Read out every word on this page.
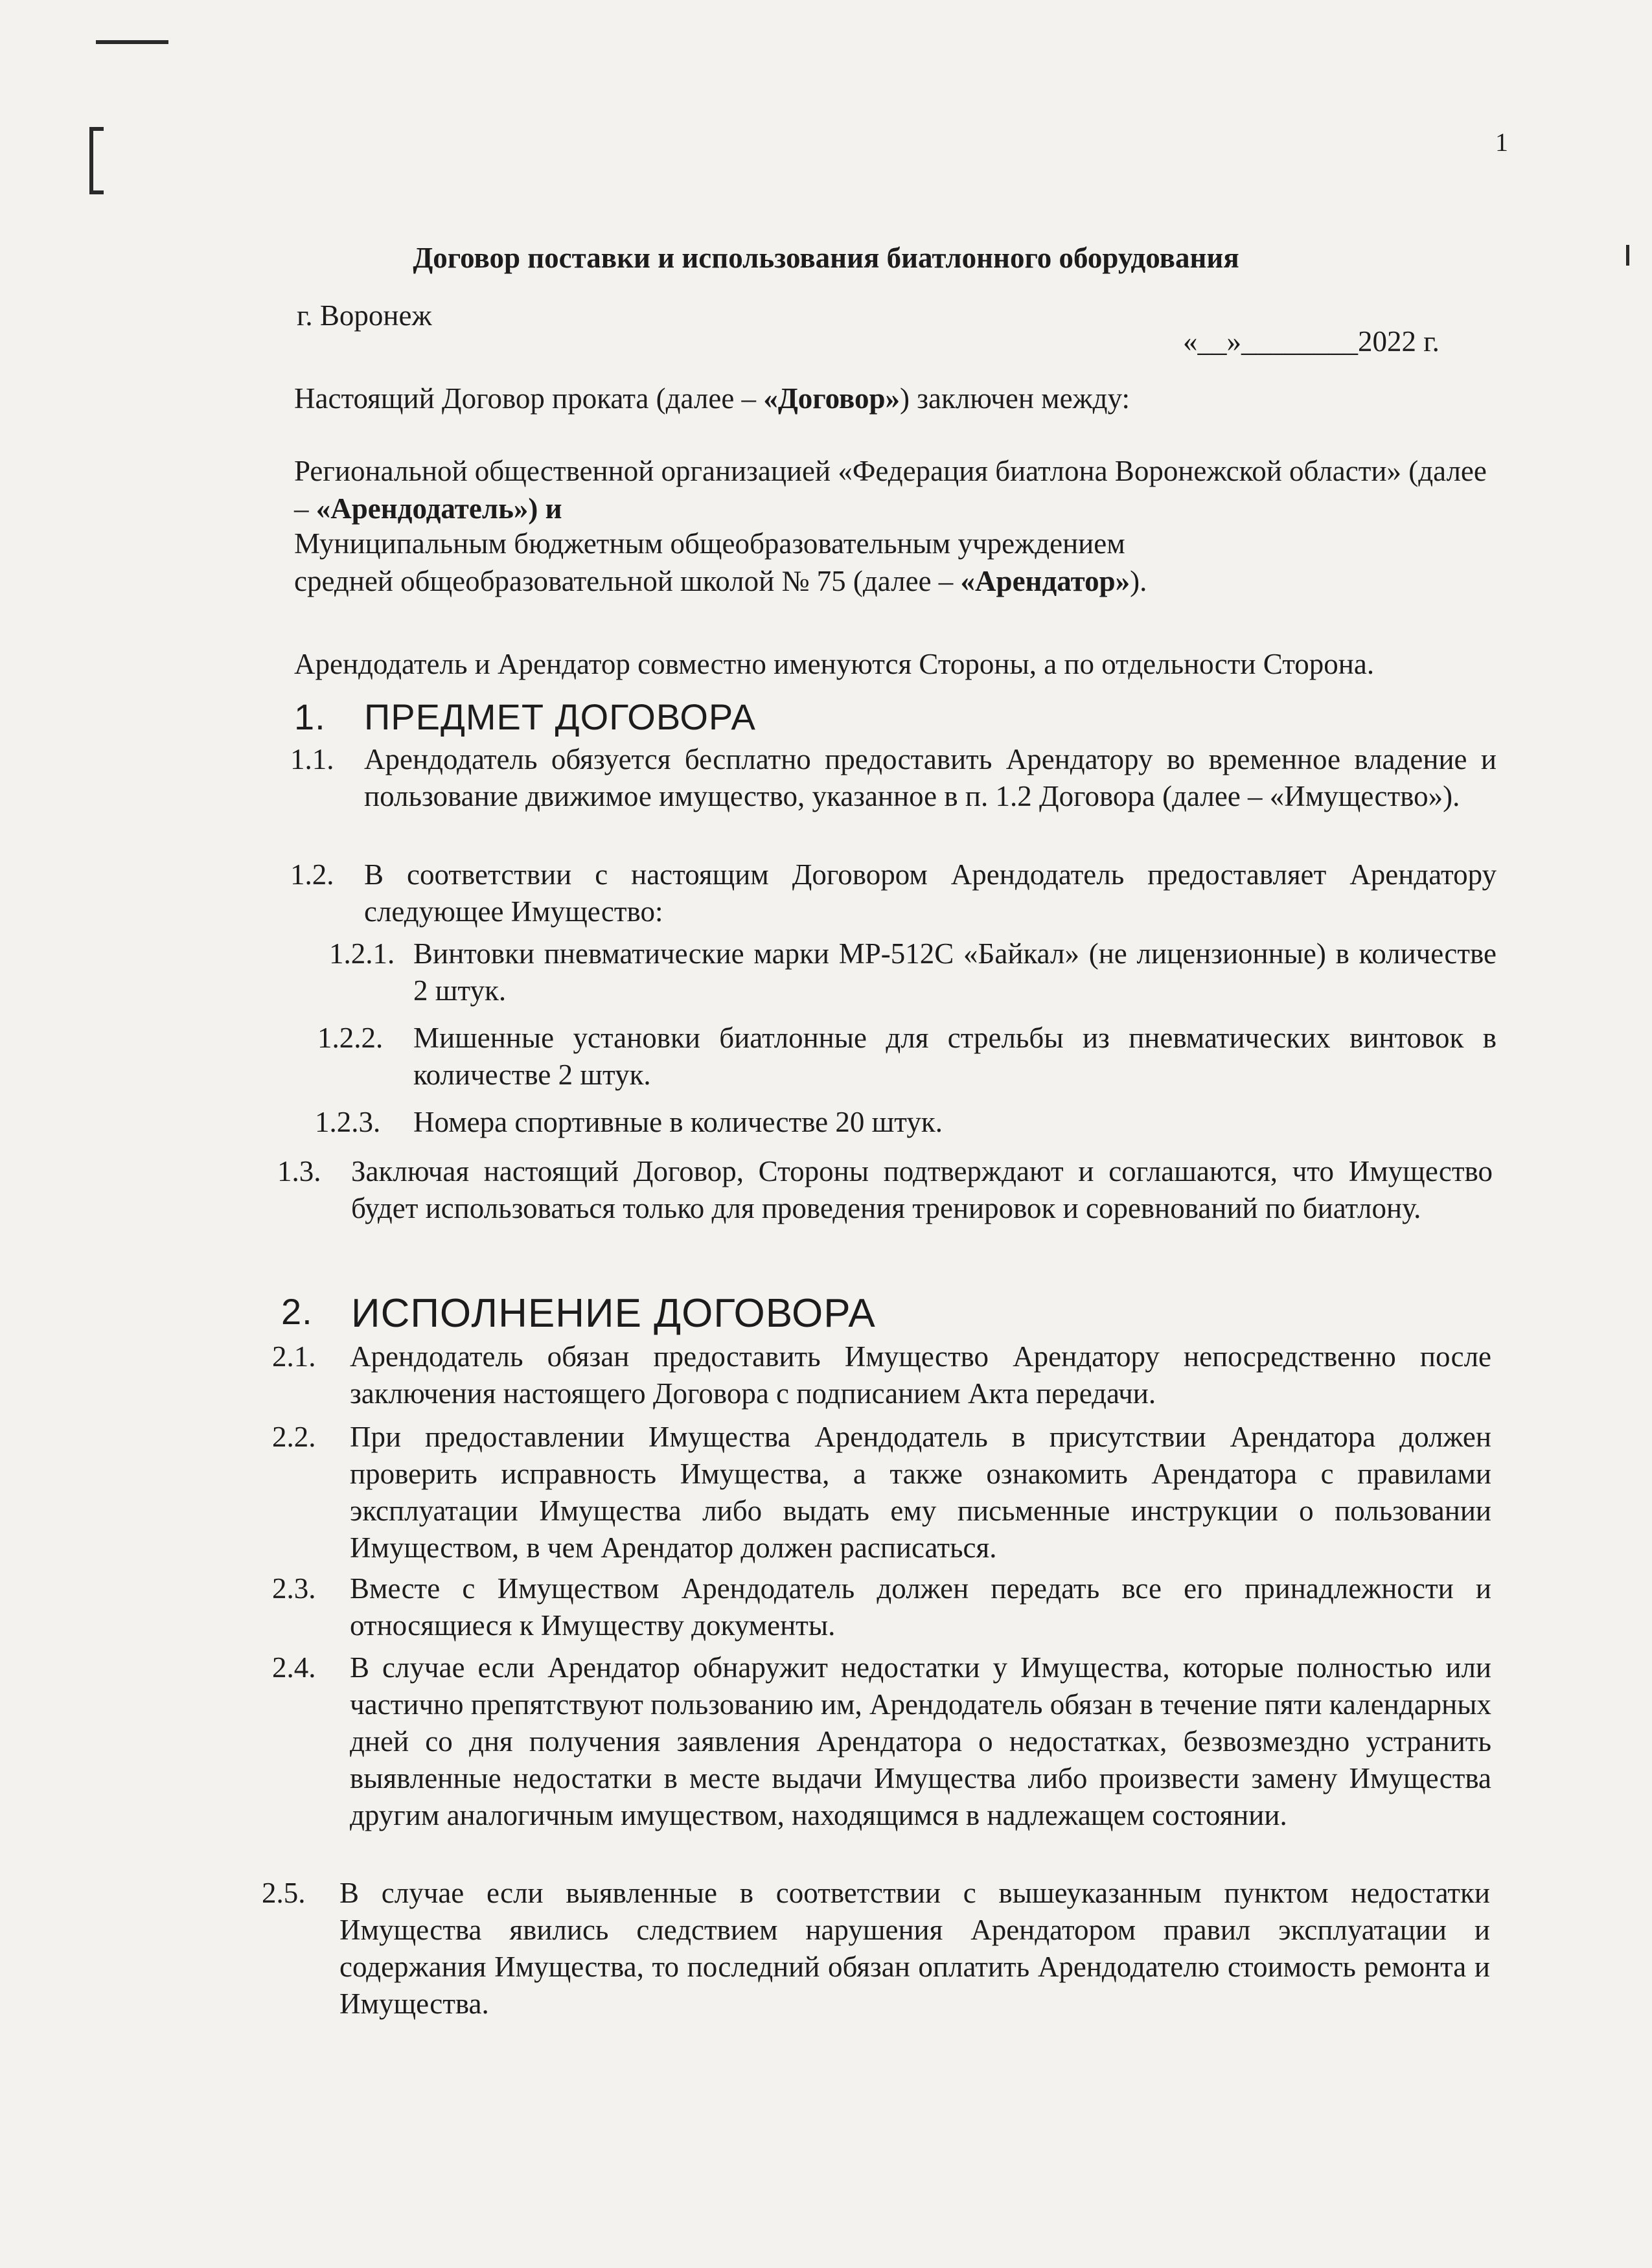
1
Договор поставки и использования биатлонного оборудования
г. Воронеж
«__»________2022 г.
Настоящий Договор проката (далее – «Договор») заключен между:
Региональной общественной организацией «Федерация биатлона Воронежской области» (далее – «Арендодатель») и
Муниципальным бюджетным общеобразовательным учреждением средней общеобразовательной школой № 75 (далее – «Арендатор»).
Арендодатель и Арендатор совместно именуются Стороны, а по отдельности Сторона.
1. ПРЕДМЕТ ДОГОВОРА
1.1. Арендодатель обязуется бесплатно предоставить Арендатору во временное владение и пользование движимое имущество, указанное в п. 1.2 Договора (далее – «Имущество»).
1.2. В соответствии с настоящим Договором Арендодатель предоставляет Арендатору следующее Имущество:
1.2.1. Винтовки пневматические марки МР-512С «Байкал» (не лицензионные) в количестве 2 штук.
1.2.2. Мишенные установки биатлонные для стрельбы из пневматических винтовок в количестве 2 штук.
1.2.3. Номера спортивные в количестве 20 штук.
1.3. Заключая настоящий Договор, Стороны подтверждают и соглашаются, что Имущество будет использоваться только для проведения тренировок и соревнований по биатлону.
2. ИСПОЛНЕНИЕ ДОГОВОРА
2.1. Арендодатель обязан предоставить Имущество Арендатору непосредственно после заключения настоящего Договора с подписанием Акта передачи.
2.2. При предоставлении Имущества Арендодатель в присутствии Арендатора должен проверить исправность Имущества, а также ознакомить Арендатора с правилами эксплуатации Имущества либо выдать ему письменные инструкции о пользовании Имуществом, в чем Арендатор должен расписаться.
2.3. Вместе с Имуществом Арендодатель должен передать все его принадлежности и относящиеся к Имуществу документы.
2.4. В случае если Арендатор обнаружит недостатки у Имущества, которые полностью или частично препятствуют пользованию им, Арендодатель обязан в течение пяти календарных дней со дня получения заявления Арендатора о недостатках, безвозмездно устранить выявленные недостатки в месте выдачи Имущества либо произвести замену Имущества другим аналогичным имуществом, находящимся в надлежащем состоянии.
2.5. В случае если выявленные в соответствии с вышеуказанным пунктом недостатки Имущества явились следствием нарушения Арендатором правил эксплуатации и содержания Имущества, то последний обязан оплатить Арендодателю стоимость ремонта и Имущества.
